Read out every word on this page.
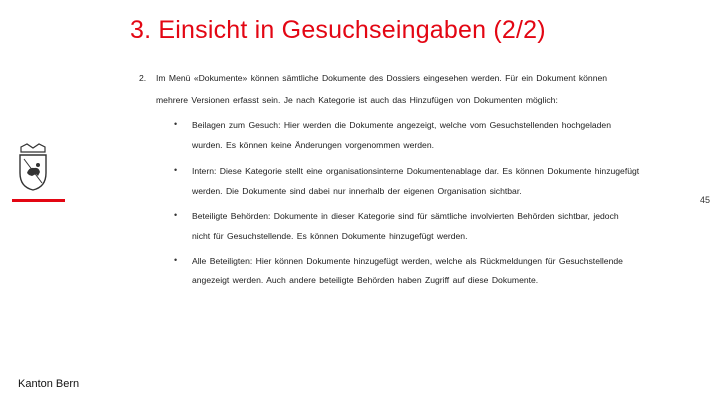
3. Einsicht in Gesuchseingaben (2/2)
2. Im Menü «Dokumente» können sämtliche Dokumente des Dossiers eingesehen werden. Für ein Dokument können
mehrere Versionen erfasst sein. Je nach Kategorie ist auch das Hinzufügen von Dokumenten möglich:
• Beilagen zum Gesuch: Hier werden die Dokumente angezeigt, welche vom Gesuchstellenden hochgeladen
wurden. Es können keine Änderungen vorgenommen werden.
• Intern: Diese Kategorie stellt eine organisationsinterne Dokumentenablage dar. Es können Dokumente hinzugefügt
werden. Die Dokumente sind dabei nur innerhalb der eigenen Organisation sichtbar.
• Beteiligte Behörden: Dokumente in dieser Kategorie sind für sämtliche involvierten Behörden sichtbar, jedoch
nicht für Gesuchstellende. Es können Dokumente hinzugefügt werden.
• Alle Beteiligten: Hier können Dokumente hinzugefügt werden, welche als Rückmeldungen für Gesuchstellende
angezeigt werden. Auch andere beteiligte Behörden haben Zugriff auf diese Dokumente.
45
Kanton Bern
